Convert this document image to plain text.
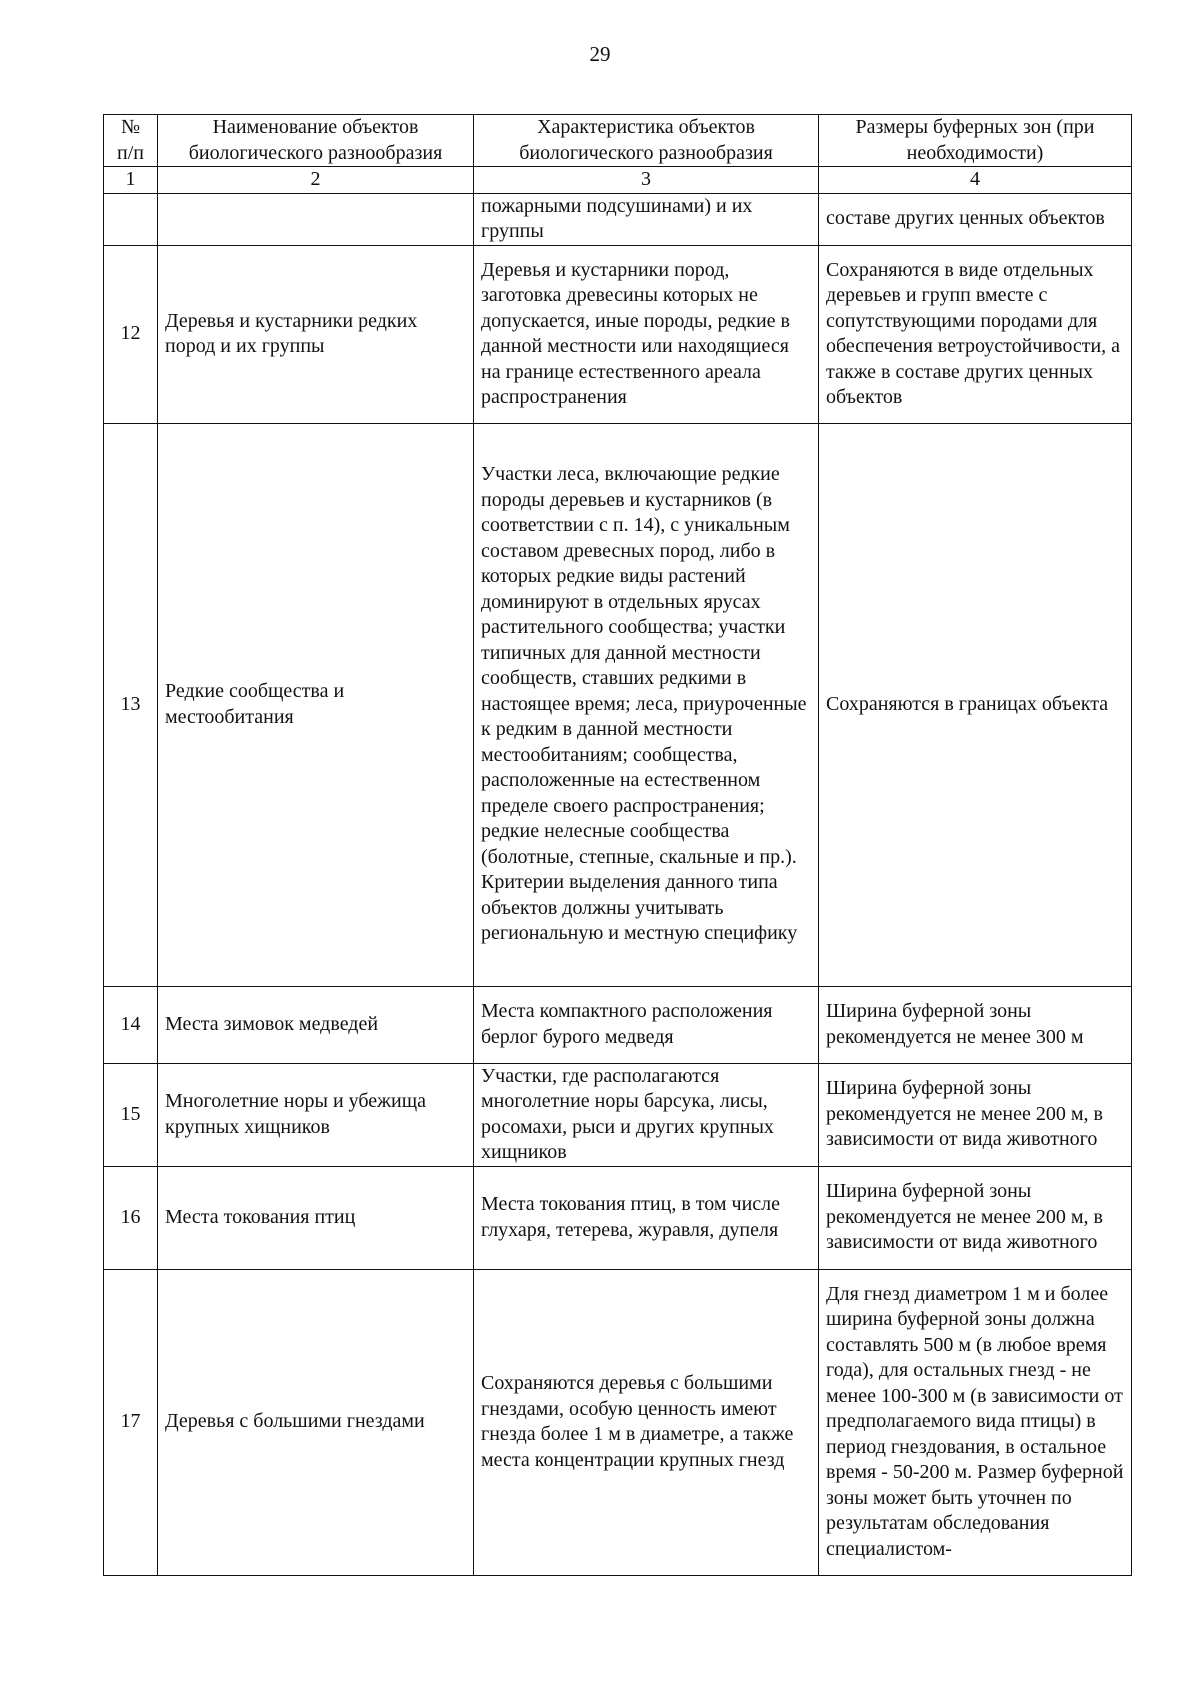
29
№ п/п	Наименование объектов биологического разнообразия	Характеристика объектов биологического разнообразия	Размеры буферных зон (при необходимости)
1	2	3	4
		пожарными подсушинами) и их группы	составе других ценных объектов
12	Деревья и кустарники редких пород и их группы	Деревья и кустарники пород, заготовка древесины которых не допускается, иные породы, редкие в данной местности или находящиеся на границе естественного ареала распространения	Сохраняются в виде отдельных деревьев и групп вместе с сопутствующими породами для обеспечения ветроустойчивости, а также в составе других ценных объектов
13	Редкие сообщества и местообитания	Участки леса, включающие редкие породы деревьев и кустарников (в соответствии с п. 14), с уникальным составом древесных пород, либо в которых редкие виды растений доминируют в отдельных ярусах растительного сообщества; участки типичных для данной местности сообществ, ставших редкими в настоящее время; леса, приуроченные к редким в данной местности местообитаниям; сообщества, расположенные на естественном пределе своего распространения; редкие нелесные сообщества (болотные, степные, скальные и пр.). Критерии выделения данного типа объектов должны учитывать региональную и местную специфику	Сохраняются в границах объекта
14	Места зимовок медведей	Места компактного расположения берлог бурого медведя	Ширина буферной зоны рекомендуется не менее 300 м
15	Многолетние норы и убежища крупных хищников	Участки, где располагаются многолетние норы барсука, лисы, росомахи, рыси и других крупных хищников	Ширина буферной зоны рекомендуется не менее 200 м, в зависимости от вида животного
16	Места токования птиц	Места токования птиц, в том числе глухаря, тетерева, журавля, дупеля	Ширина буферной зоны рекомендуется не менее 200 м, в зависимости от вида животного
17	Деревья с большими гнездами	Сохраняются деревья с большими гнездами, особую ценность имеют гнезда более 1 м в диаметре, а также места концентрации крупных гнезд	Для гнезд диаметром 1 м и более ширина буферной зоны должна составлять 500 м (в любое время года), для остальных гнезд - не менее 100-300 м (в зависимости от предполагаемого вида птицы) в период гнездования, в остальное время - 50-200 м. Размер буферной зоны может быть уточнен по результатам обследования специалистом-
